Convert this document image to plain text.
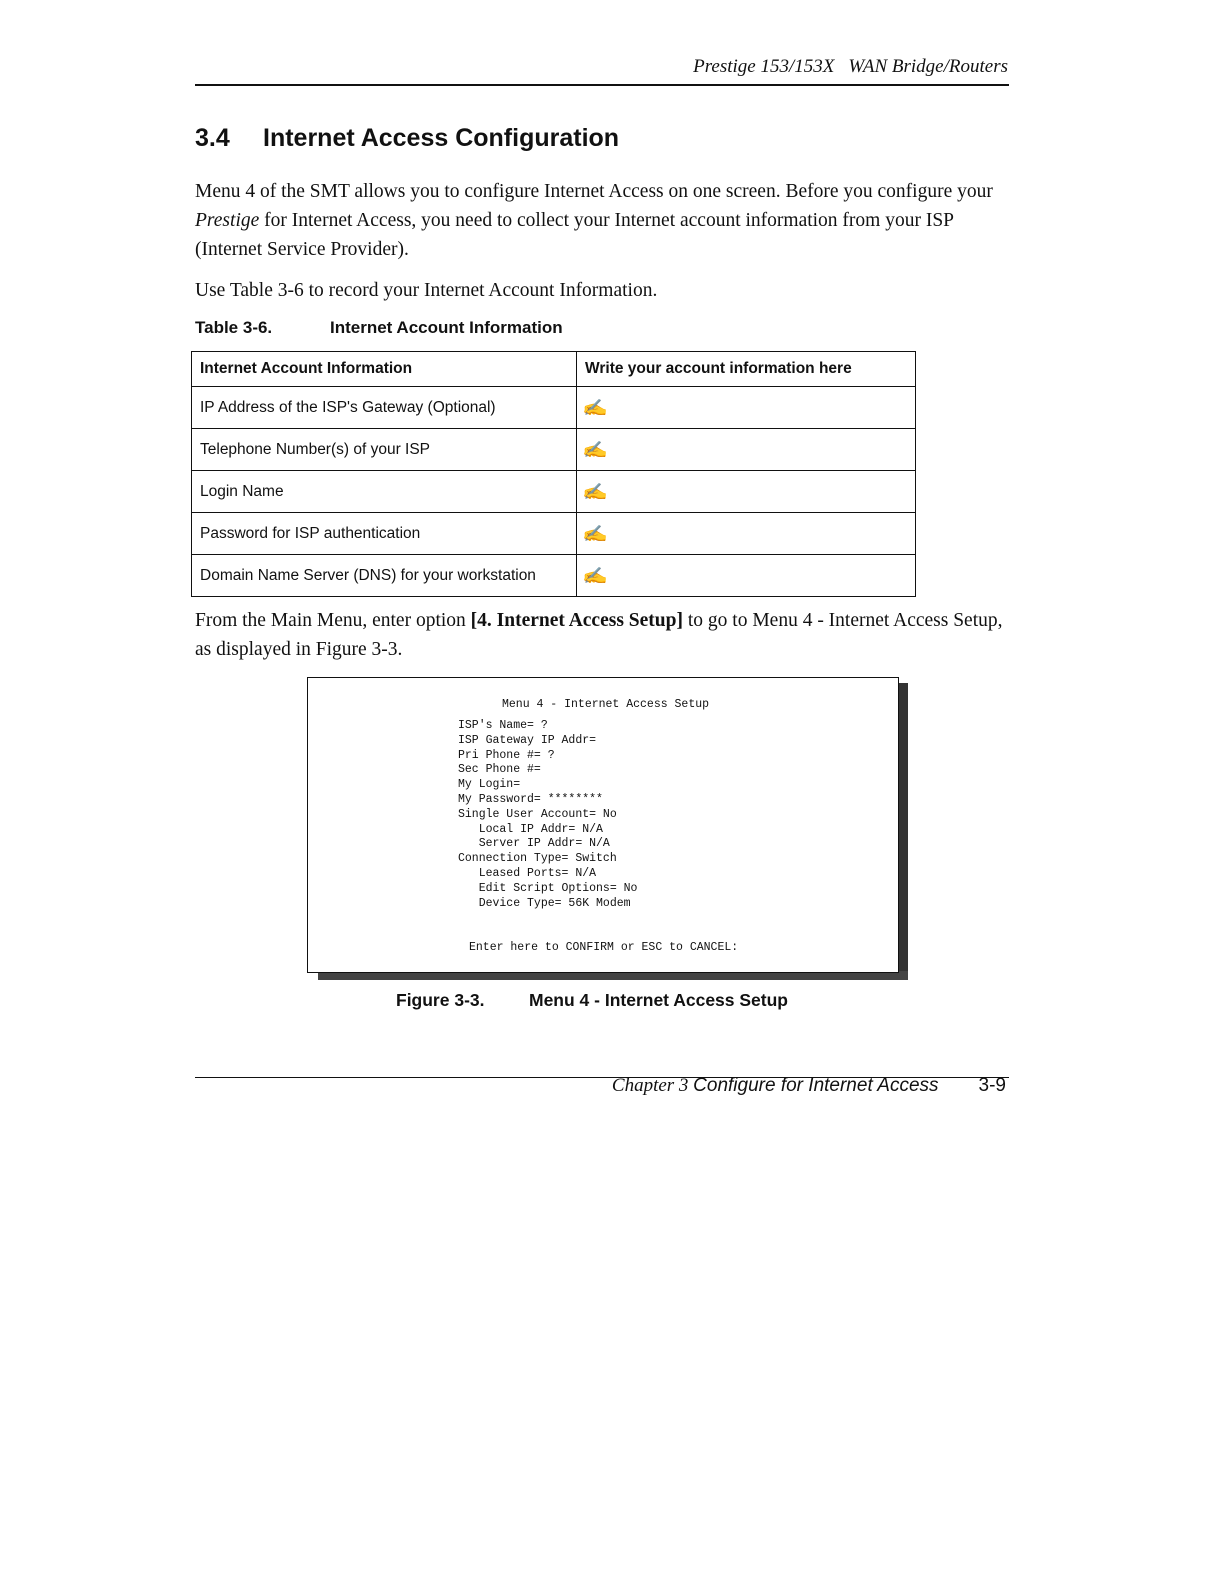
Prestige 153/153X WAN Bridge/Routers
3.4 Internet Access Configuration

Menu 4 of the SMT allows you to configure Internet Access on one screen. Before you configure your Prestige for Internet Access, you need to collect your Internet account information from your ISP (Internet Service Provider).

Use Table 3-6 to record your Internet Account Information.

Table 3-6.	Internet Account Information
Internet Account Information	Write your account information here
IP Address of the ISP's Gateway (Optional)	✍
Telephone Number(s) of your ISP	✍
Login Name	✍
Password for ISP authentication	✍
Domain Name Server (DNS) for your workstation	✍

From the Main Menu, enter option [4. Internet Access Setup] to go to Menu 4 - Internet Access Setup, as displayed in Figure 3-3.

Menu 4 - Internet Access Setup
ISP's Name= ?
ISP Gateway IP Addr=
Pri Phone #= ?
Sec Phone #=
My Login=
My Password= ********
Single User Account= No
Local IP Addr= N/A
Server IP Addr= N/A
Connection Type= Switch
Leased Ports= N/A
Edit Script Options= No
Device Type= 56K Modem
Enter here to CONFIRM or ESC to CANCEL:
Figure 3-3.	Menu 4 - Internet Access Setup
Chapter 3 Configure for Internet Access 3-9
